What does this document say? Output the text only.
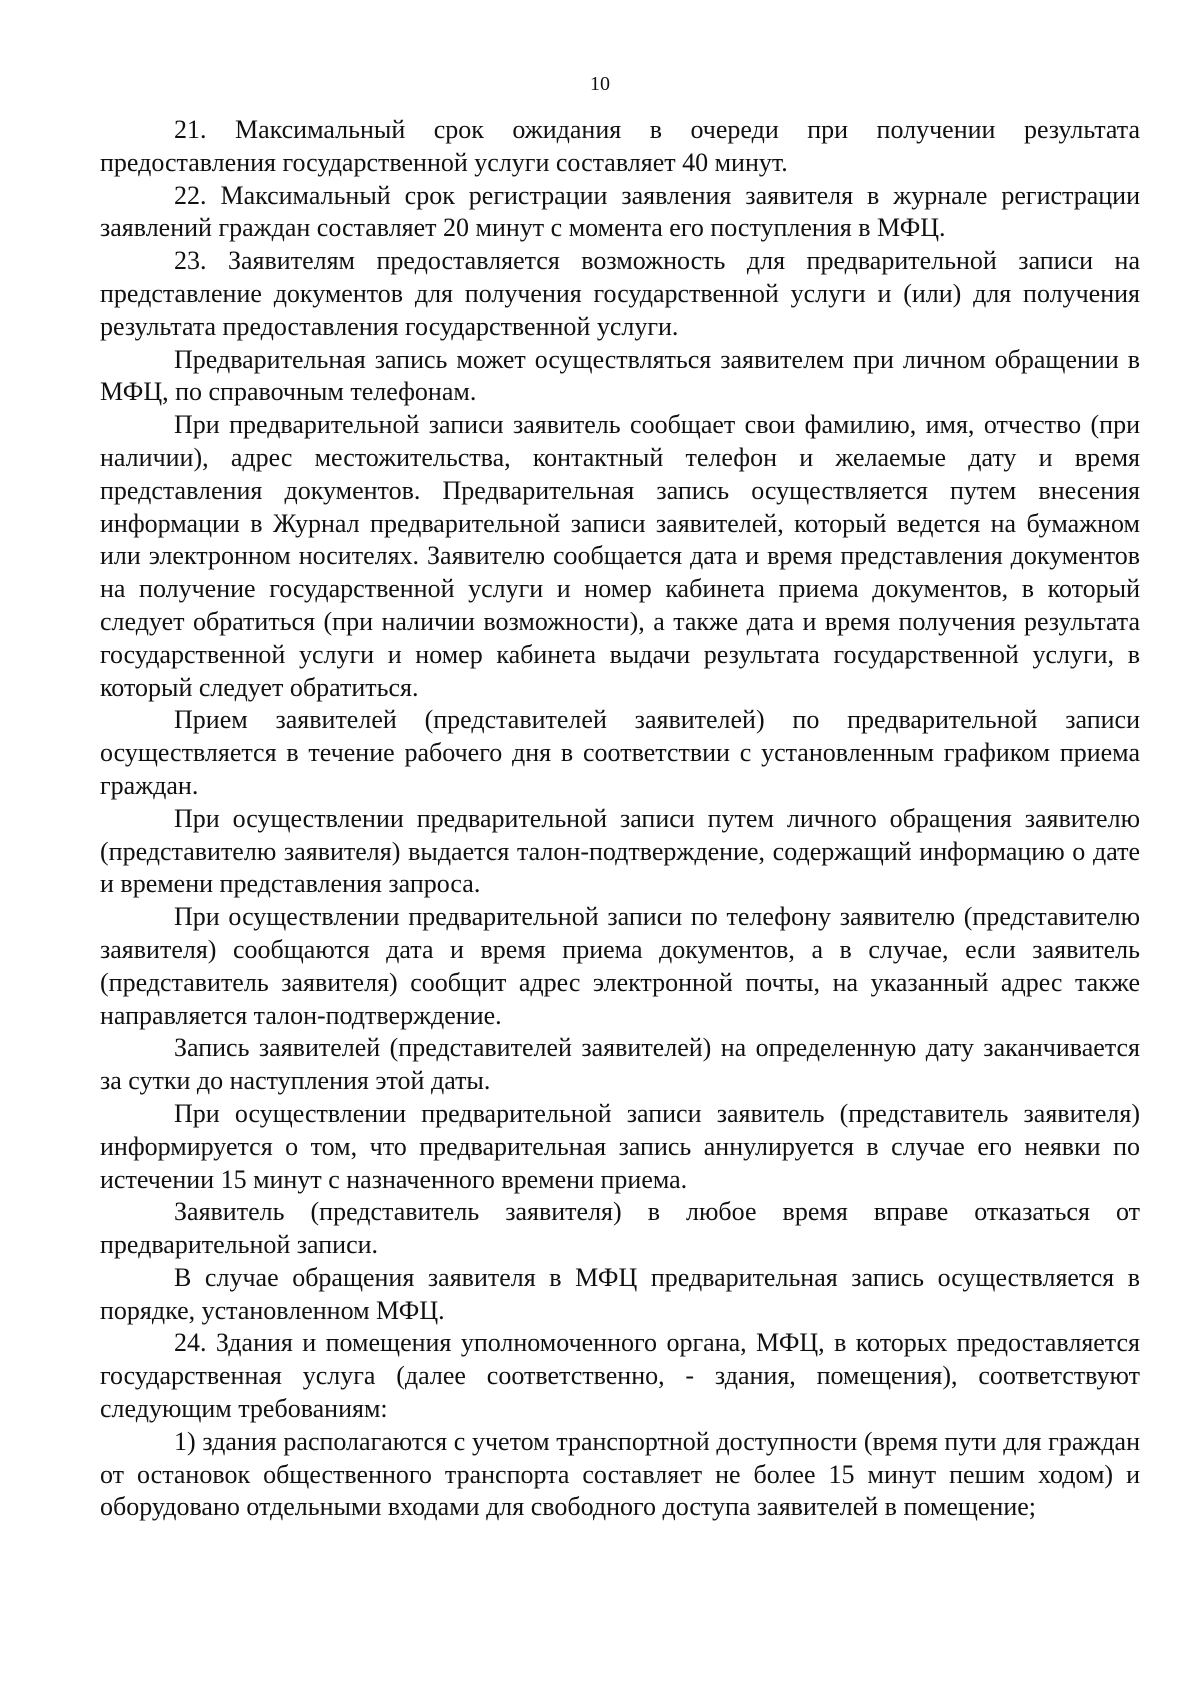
10

21. Максимальный срок ожидания в очереди при получении результата предоставления государственной услуги составляет 40 минут.

22. Максимальный срок регистрации заявления заявителя в журнале регистрации заявлений граждан составляет 20 минут с момента его поступления в МФЦ.

23. Заявителям предоставляется возможность для предварительной записи на представление документов для получения государственной услуги и (или) для получения результата предоставления государственной услуги.

Предварительная запись может осуществляться заявителем при личном обращении в МФЦ, по справочным телефонам.

При предварительной записи заявитель сообщает свои фамилию, имя, отчество (при наличии), адрес местожительства, контактный телефон и желаемые дату и время представления документов. Предварительная запись осуществляется путем внесения информации в Журнал предварительной записи заявителей, который ведется на бумажном или электронном носителях. Заявителю сообщается дата и время представления документов на получение государственной услуги и номер кабинета приема документов, в который следует обратиться (при наличии возможности), а также дата и время получения результата государственной услуги и номер кабинета выдачи результата государственной услуги, в который следует обратиться.

Прием заявителей (представителей заявителей) по предварительной записи осуществляется в течение рабочего дня в соответствии с установленным графиком приема граждан.

При осуществлении предварительной записи путем личного обращения заявителю (представителю заявителя) выдается талон-подтверждение, содержащий информацию о дате и времени представления запроса.

При осуществлении предварительной записи по телефону заявителю (представителю заявителя) сообщаются дата и время приема документов, а в случае, если заявитель (представитель заявителя) сообщит адрес электронной почты, на указанный адрес также направляется талон-подтверждение.

Запись заявителей (представителей заявителей) на определенную дату заканчивается за сутки до наступления этой даты.

При осуществлении предварительной записи заявитель (представитель заявителя) информируется о том, что предварительная запись аннулируется в случае его неявки по истечении 15 минут с назначенного времени приема.

Заявитель (представитель заявителя) в любое время вправе отказаться от предварительной записи.

В случае обращения заявителя в МФЦ предварительная запись осуществляется в порядке, установленном МФЦ.

24. Здания и помещения уполномоченного органа, МФЦ, в которых предоставляется государственная услуга (далее соответственно, - здания, помещения), соответствуют следующим требованиям:

1) здания располагаются с учетом транспортной доступности (время пути для граждан от остановок общественного транспорта составляет не более 15 минут пешим ходом) и оборудовано отдельными входами для свободного доступа заявителей в помещение;
